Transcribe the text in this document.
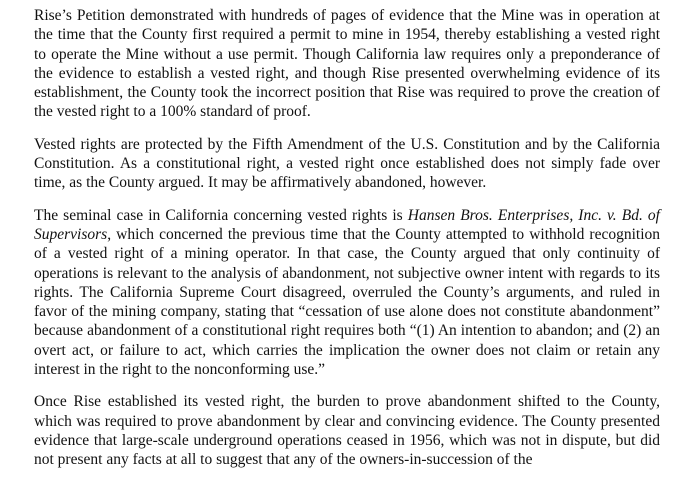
Rise’s Petition demonstrated with hundreds of pages of evidence that the Mine was in operation at the time that the County first required a permit to mine in 1954, thereby establishing a vested right to operate the Mine without a use permit. Though California law requires only a preponderance of the evidence to establish a vested right, and though Rise presented overwhelming evidence of its establishment, the County took the incorrect position that Rise was required to prove the creation of the vested right to a 100% standard of proof.

Vested rights are protected by the Fifth Amendment of the U.S. Constitution and by the California Constitution. As a constitutional right, a vested right once established does not simply fade over time, as the County argued. It may be affirmatively abandoned, however.

The seminal case in California concerning vested rights is Hansen Bros. Enterprises, Inc. v. Bd. of Supervisors, which concerned the previous time that the County attempted to withhold recognition of a vested right of a mining operator. In that case, the County argued that only continuity of operations is relevant to the analysis of abandonment, not subjective owner intent with regards to its rights. The California Supreme Court disagreed, overruled the County’s arguments, and ruled in favor of the mining company, stating that “cessation of use alone does not constitute abandonment” because abandonment of a constitutional right requires both “(1) An intention to abandon; and (2) an overt act, or failure to act, which carries the implication the owner does not claim or retain any interest in the right to the nonconforming use.”

Once Rise established its vested right, the burden to prove abandonment shifted to the County, which was required to prove abandonment by clear and convincing evidence. The County presented evidence that large-scale underground operations ceased in 1956, which was not in dispute, but did not present any facts at all to suggest that any of the owners-in-succession of the
